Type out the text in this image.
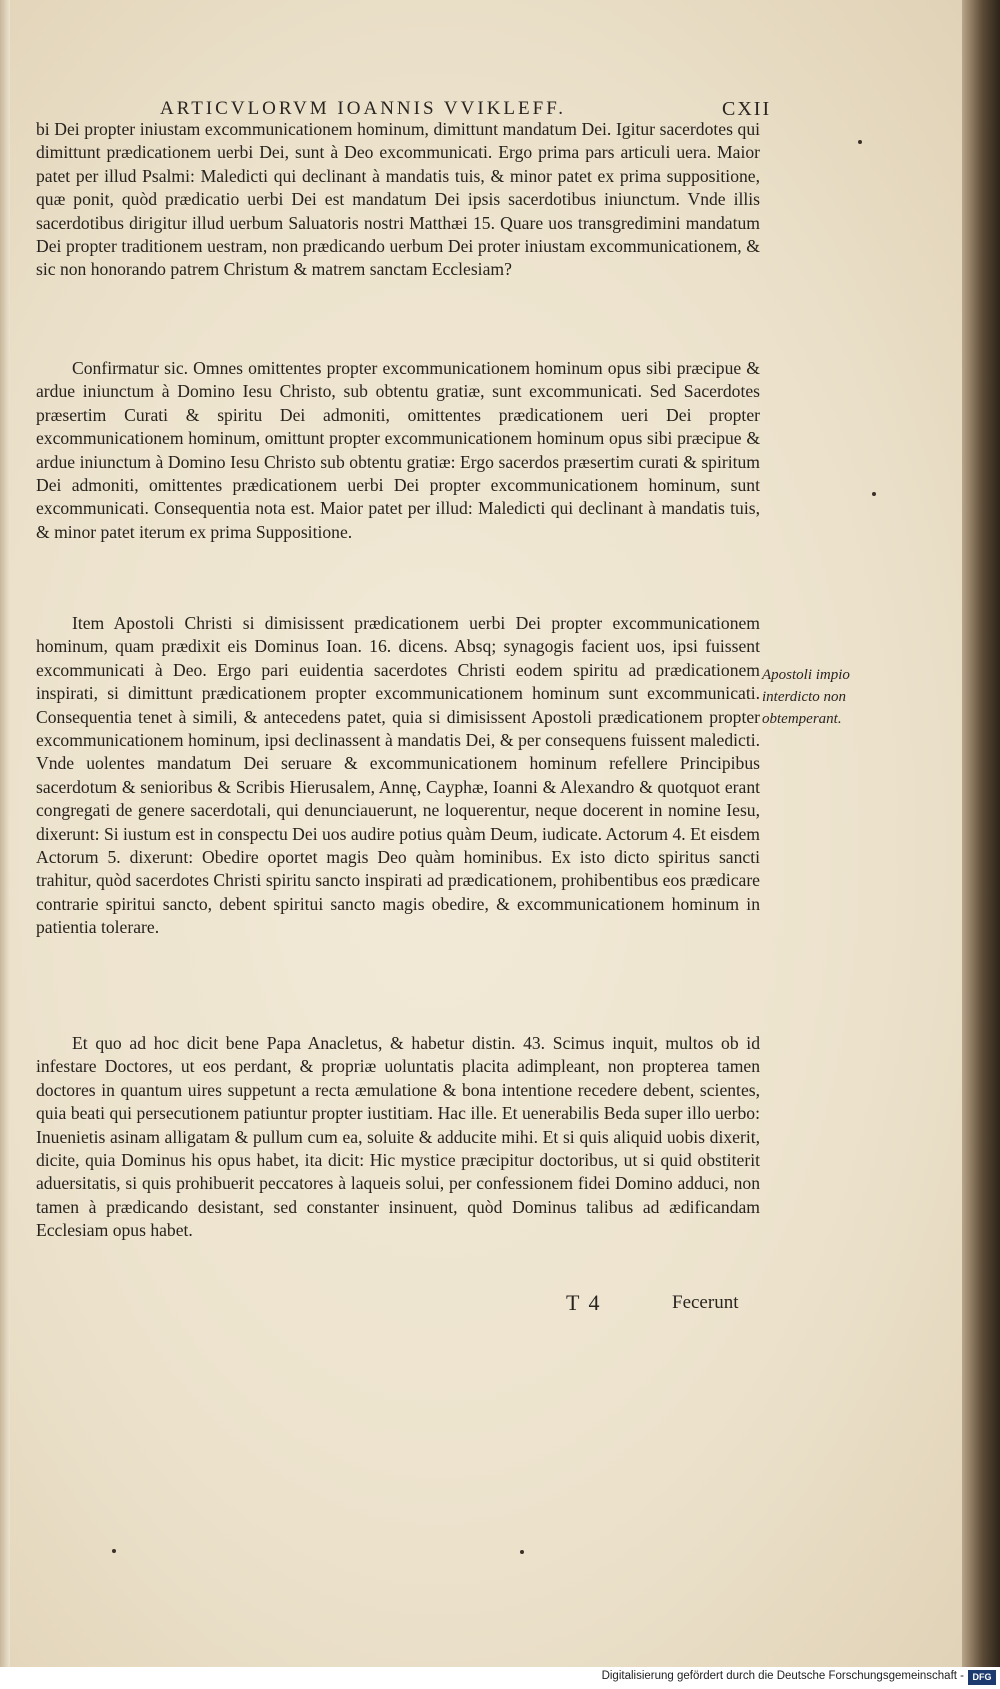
ARTICVLORVM IOANNIS VVIKLEFF.	CXII

bi Dei propter iniustam excommunicationem hominum, dimittunt mandatum Dei. Igitur sacerdotes qui dimittunt prædicationem uerbi Dei, sunt à Deo excommunicati. Ergo prima pars articuli uera. Maior patet per illud Psalmi: Maledicti qui declinant à mandatis tuis, & minor patet ex prima suppositione, quæ ponit, quòd prædicatio uerbi Dei est mandatum Dei ipsis sacerdotibus iniunctum. Vnde illis sacerdotibus dirigitur illud uerbum Saluatoris nostri Matthæi 15. Quare uos transgredimini mandatum Dei propter traditionem uestram, non prædicando uerbum Dei proter iniustam excommunicationem, & sic non honorando patrem Christum & matrem sanctam Ecclesiam?

Confirmatur sic. Omnes omittentes propter excommunicationem hominum opus sibi præcipue & ardue iniunctum à Domino Iesu Christo, sub obtentu gratiæ, sunt excommunicati. Sed Sacerdotes præsertim Curati & spiritu Dei admoniti, omittentes prædicationem ueri Dei propter excommunicationem hominum, omittunt propter excommunicationem hominum opus sibi præcipue & ardue iniunctum à Domino Iesu Christo sub obtentu gratiæ: Ergo sacerdos præsertim curati & spiritum Dei admoniti, omittentes prædicationem uerbi Dei propter excommunicationem hominum, sunt excommunicati. Consequentia nota est. Maior patet per illud: Maledicti qui declinant à mandatis tuis, & minor patet iterum ex prima Suppositione.

Item Apostoli Christi si dimisissent prædicationem uerbi Dei propter excommunicationem hominum, quam prædixit eis Dominus Ioan. 16. dicens. Absq; synagogis facient uos, ipsi fuissent excommunicati à Deo. Ergo pari euidentia sacerdotes Christi eodem spiritu ad prædicationem inspirati, si dimittunt prædicationem propter excommunicationem hominum sunt excommunicati. Consequentia tenet à simili, & antecedens patet, quia si dimisissent Apostoli prædicationem propter excommunicationem hominum, ipsi declinassent à mandatis Dei, & per consequens fuissent maledicti. Vnde uolentes mandatum Dei seruare & excommunicationem hominum refellere Principibus sacerdotum & senioribus & Scribis Hierusalem, Annę, Cayphæ, Ioanni & Alexandro & quotquot erant congregati de genere sacerdotali, qui denunciauerunt, ne loquerentur, neque docerent in nomine Iesu, dixerunt: Si iustum est in conspectu Dei uos audire potius quàm Deum, iudicate. Actorum 4. Et eisdem Actorum 5. dixerunt: Obedire oportet magis Deo quàm hominibus. Ex isto dicto spiritus sancti trahitur, quòd sacerdotes Christi spiritu sancto inspirati ad prædicationem, prohibentibus eos prædicare contrarie spiritui sancto, debent spiritui sancto magis obedire, & excommunicationem hominum in patientia tolerare.

Et quo ad hoc dicit bene Papa Anacletus, & habetur distin. 43. Scimus inquit, multos ob id infestare Doctores, ut eos perdant, & propriæ uoluntatis placita adimpleant, non propterea tamen doctores in quantum uires suppetunt a recta æmulatione & bona intentione recedere debent, scientes, quia beati qui persecutionem patiuntur propter iustitiam. Hac ille. Et uenerabilis Beda super illo uerbo: Inuenietis asinam alligatam & pullum cum ea, soluite & adducite mihi. Et si quis aliquid uobis dixerit, dicite, quia Dominus his opus habet, ita dicit: Hic mystice præcipitur doctoribus, ut si quid obstiterit aduersitatis, si quis prohibuerit peccatores à laqueis solui, per confessionem fidei Domino adduci, non tamen à prædicando desistant, sed constanter insinuent, quòd Dominus talibus ad ædificandam Ecclesiam opus habet.

Apostoli impio interdicto non obtemperant.
T 4	Fecerunt
Digitalisierung gefördert durch die Deutsche Forschungsgemeinschaft - DFG
